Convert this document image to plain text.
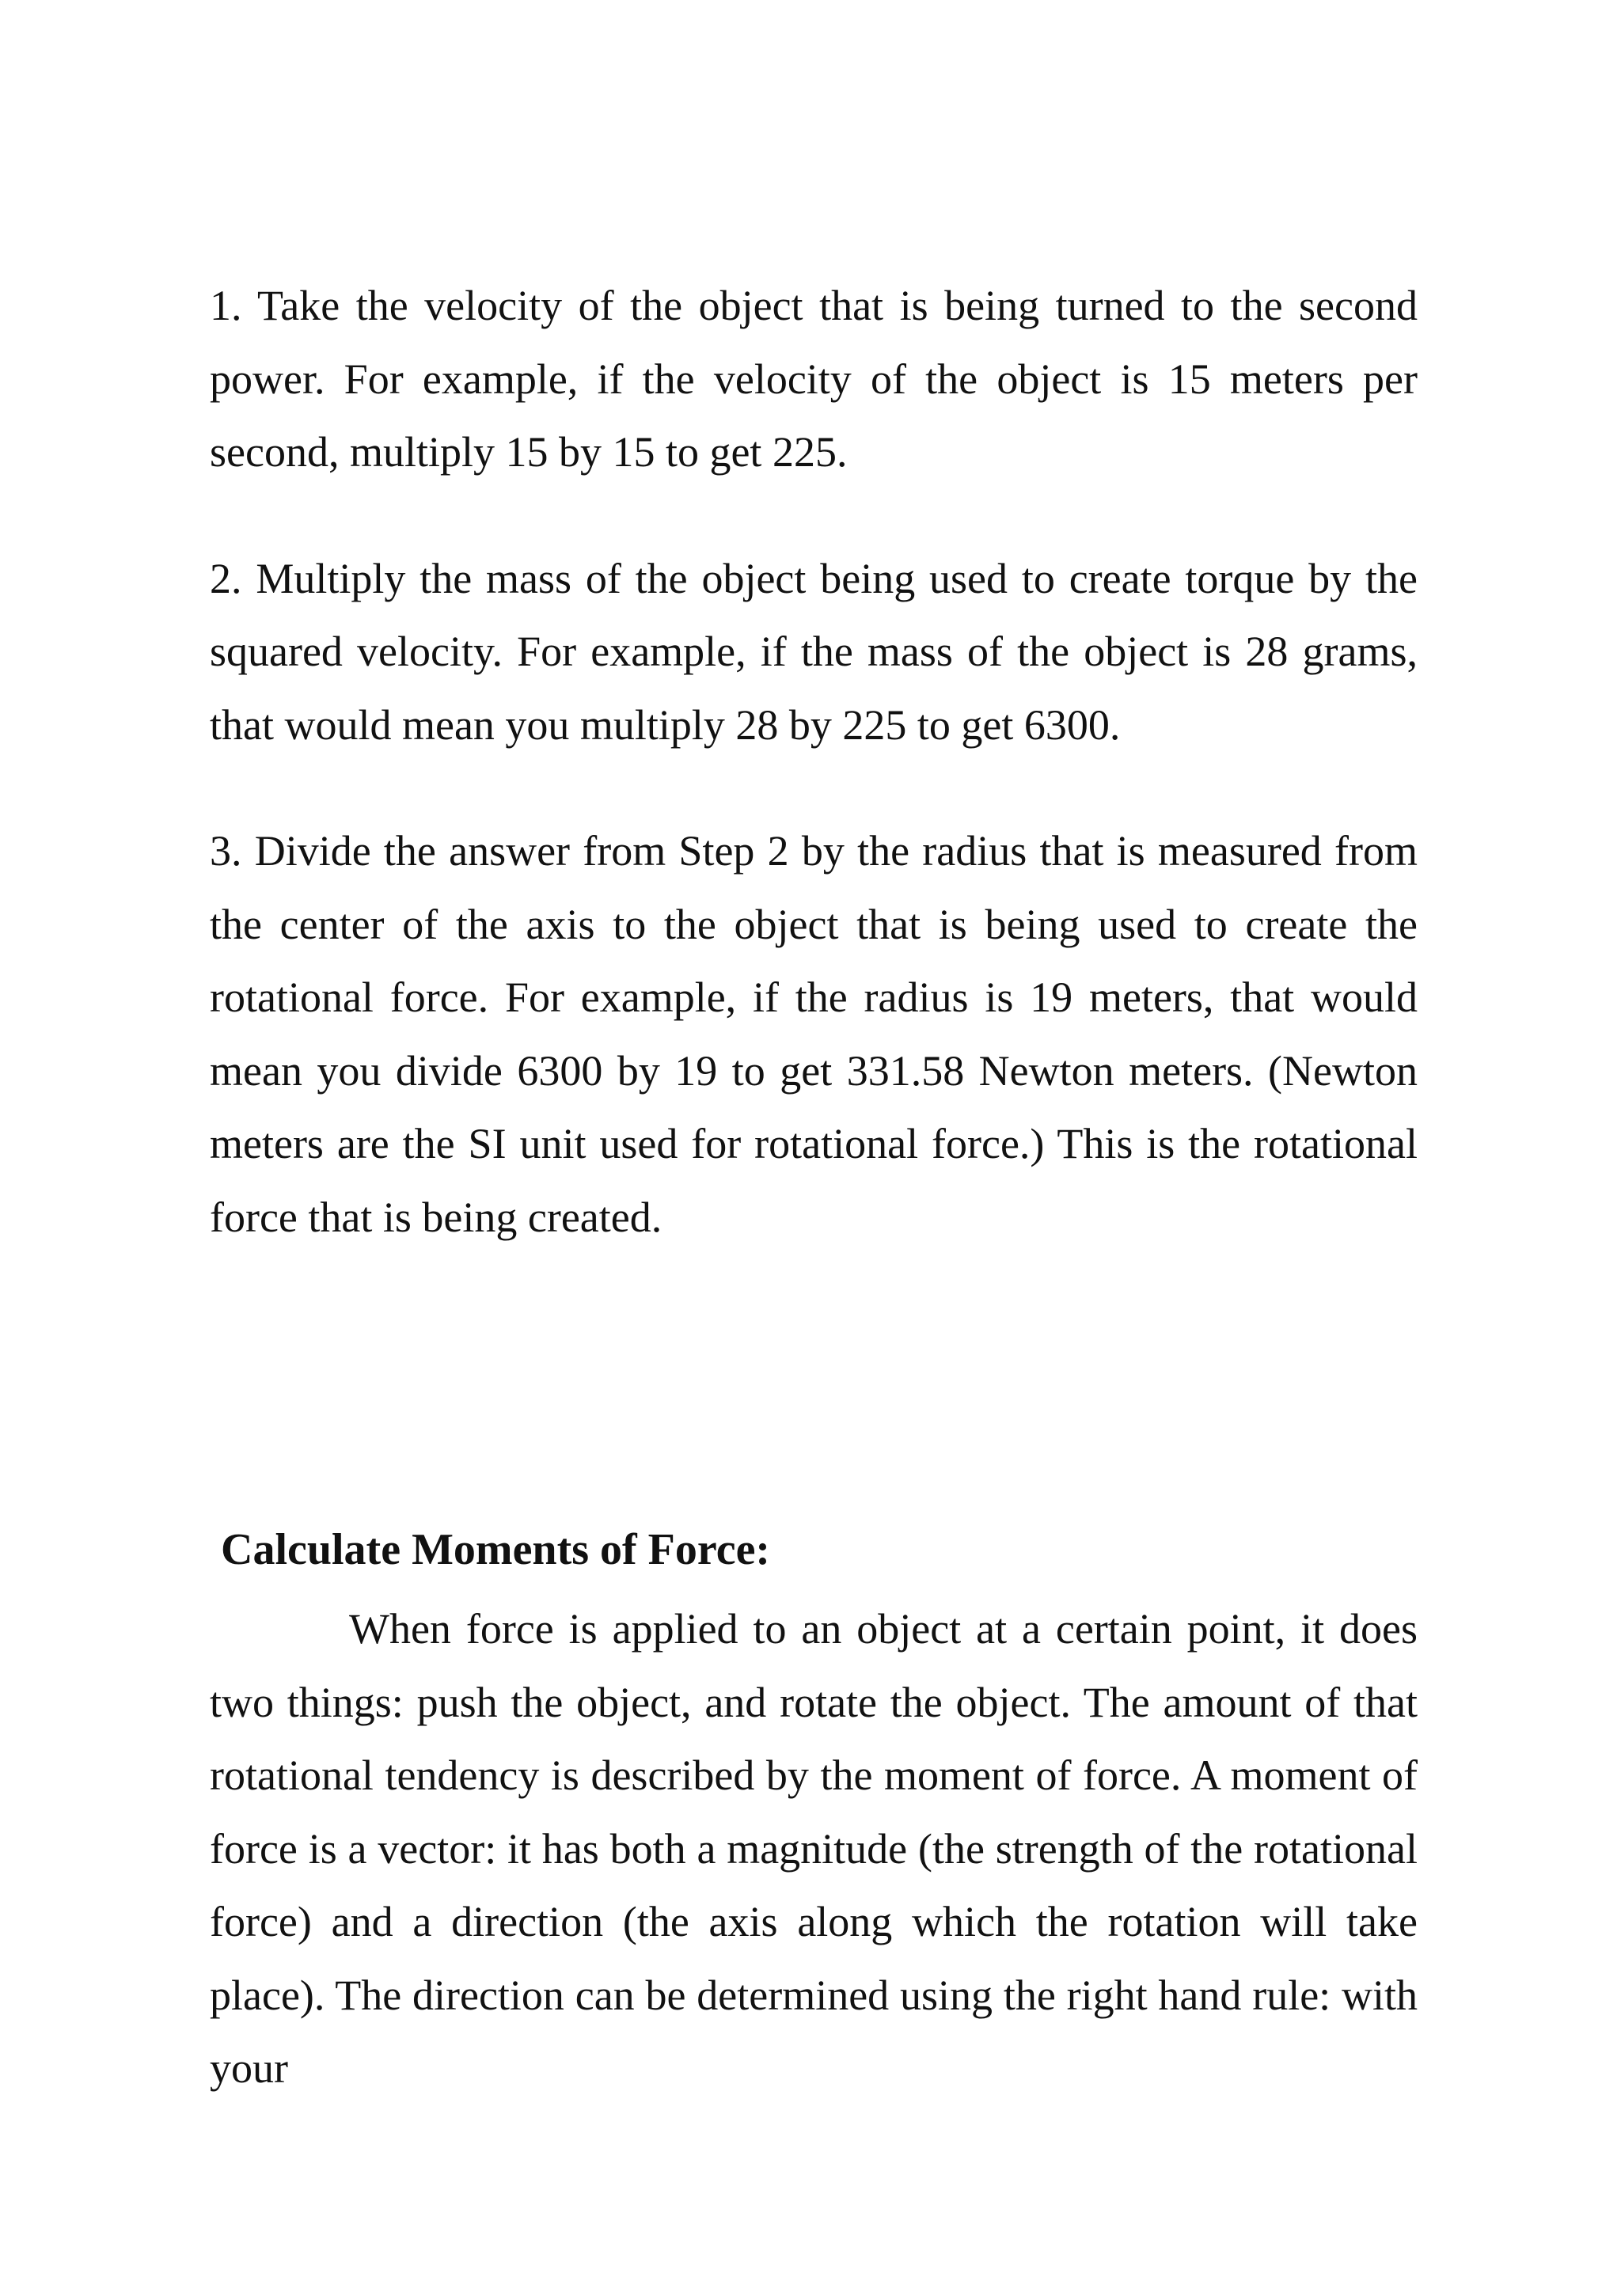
1. Take the velocity of the object that is being turned to the second power. For example, if the velocity of the object is 15 meters per second, multiply 15 by 15 to get 225.

2. Multiply the mass of the object being used to create torque by the squared velocity. For example, if the mass of the object is 28 grams, that would mean you multiply 28 by 225 to get 6300.

3. Divide the answer from Step 2 by the radius that is measured from the center of the axis to the object that is being used to create the rotational force. For example, if the radius is 19 meters, that would mean you divide 6300 by 19 to get 331.58 Newton meters. (Newton meters are the SI unit used for rotational force.) This is the rotational force that is being created.

Calculate Moments of Force:

When force is applied to an object at a certain point, it does two things: push the object, and rotate the object. The amount of that rotational tendency is described by the moment of force. A moment of force is a vector: it has both a magnitude (the strength of the rotational force) and a direction (the axis along which the rotation will take place). The direction can be determined using the right hand rule: with your
